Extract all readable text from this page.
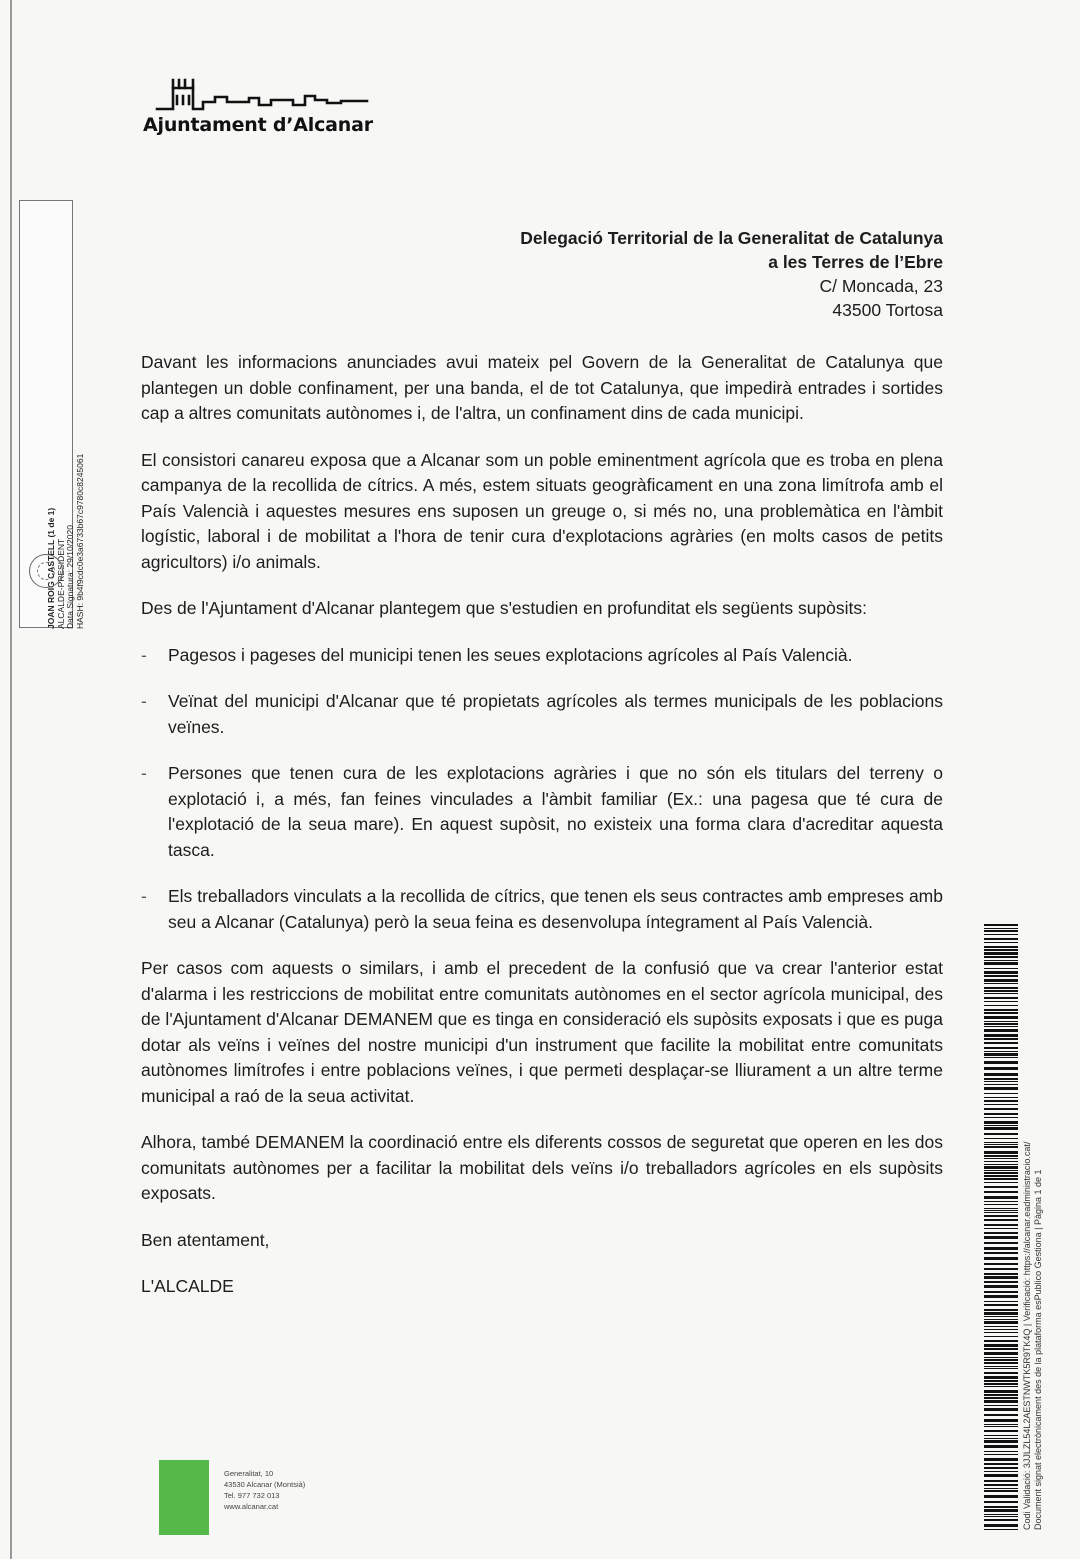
Ajuntament d’Alcanar
JOAN ROIG CASTELL (1 de 1) ALCALDE-PRESIDENT Data Signatura: 29/10/2020 HASH: 9b4f9cdc0e3a6733b67c9780c8245061
Delegació Territorial de la Generalitat de Catalunya
a les Terres de l’Ebre
C/ Moncada, 23
43500 Tortosa

Davant les informacions anunciades avui mateix pel Govern de la Generalitat de Catalunya que plantegen un doble confinament, per una banda, el de tot Catalunya, que impedirà entrades i sortides cap a altres comunitats autònomes i, de l'altra, un confinament dins de cada municipi.

El consistori canareu exposa que a Alcanar som un poble eminentment agrícola que es troba en plena campanya de la recollida de cítrics. A més, estem situats geogràficament en una zona limítrofa amb el País Valencià i aquestes mesures ens suposen un greuge o, si més no, una problemàtica en l'àmbit logístic, laboral i de mobilitat a l'hora de tenir cura d'explotacions agràries (en molts casos de petits agricultors) i/o animals.

Des de l'Ajuntament d'Alcanar plantegem que s'estudien en profunditat els següents supòsits:

- Pagesos i pageses del municipi tenen les seues explotacions agrícoles al País Valencià.

- Veïnat del municipi d'Alcanar que té propietats agrícoles als termes municipals de les poblacions veïnes.

- Persones que tenen cura de les explotacions agràries i que no són els titulars del terreny o explotació i, a més, fan feines vinculades a l'àmbit familiar (Ex.: una pagesa que té cura de l'explotació de la seua mare). En aquest supòsit, no existeix una forma clara d'acreditar aquesta tasca.

- Els treballadors vinculats a la recollida de cítrics, que tenen els seus contractes amb empreses amb seu a Alcanar (Catalunya) però la seua feina es desenvolupa íntegrament al País Valencià.

Per casos com aquests o similars, i amb el precedent de la confusió que va crear l'anterior estat d'alarma i les restriccions de mobilitat entre comunitats autònomes en el sector agrícola municipal, des de l'Ajuntament d'Alcanar DEMANEM que es tinga en consideració els supòsits exposats i que es puga dotar als veïns i veïnes del nostre municipi d'un instrument que facilite la mobilitat entre comunitats autònomes limítrofes i entre poblacions veïnes, i que permeti desplaçar-se lliurament a un altre terme municipal a raó de la seua activitat.

Alhora, també DEMANEM la coordinació entre els diferents cossos de seguretat que operen en les dos comunitats autònomes per a facilitar la mobilitat dels veïns i/o treballadors agrícoles en els supòsits exposats.

Ben atentament,

L'ALCALDE	Codi Validació: 3JJLZL54L2AESTNWTK5R9TK4Q | Verificació: https://alcanar.eadministracio.cat/ Document signat electrònicament des de la plataforma esPublico Gestiona | Pàgina 1 de 1
Generalitat, 10
43530 Alcanar (Montsià)
Tel. 977 732 013
www.alcanar.cat
